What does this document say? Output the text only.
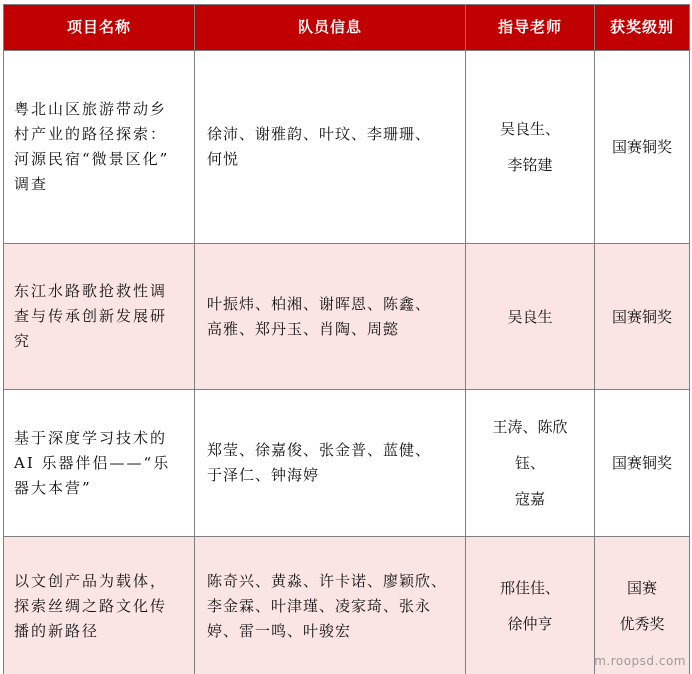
项目名称	队员信息	指导老师	获奖级别

粤北山区旅游带动乡
村产业的路径探索：
河源民宿“微景区化”
调查	徐沛、谢雅韵、叶玟、李珊珊、
何悦	吴良生、
李铭建	国赛铜奖

东江水路歌抢救性调
查与传承创新发展研
究	叶振炜、柏湘、谢晖恩、陈鑫、
高雅、郑丹玉、肖陶、周懿	吴良生	国赛铜奖

基于深度学习技术的
AI 乐器伴侣——“乐
器大本营”	郑莹、徐嘉俊、张金普、蓝健、
于泽仁、钟海婷	王涛、陈欣
钰、
寇嘉	国赛铜奖

以文创产品为载体，
探索丝绸之路文化传
播的新路径	陈奇兴、黄淼、许卡诺、廖颖欣、
李金霖、叶津瑾、凌家琦、张永
婷、雷一鸣、叶骏宏	邢佳佳、
徐仲亨	国赛
优秀奖
m.roopsd.com
